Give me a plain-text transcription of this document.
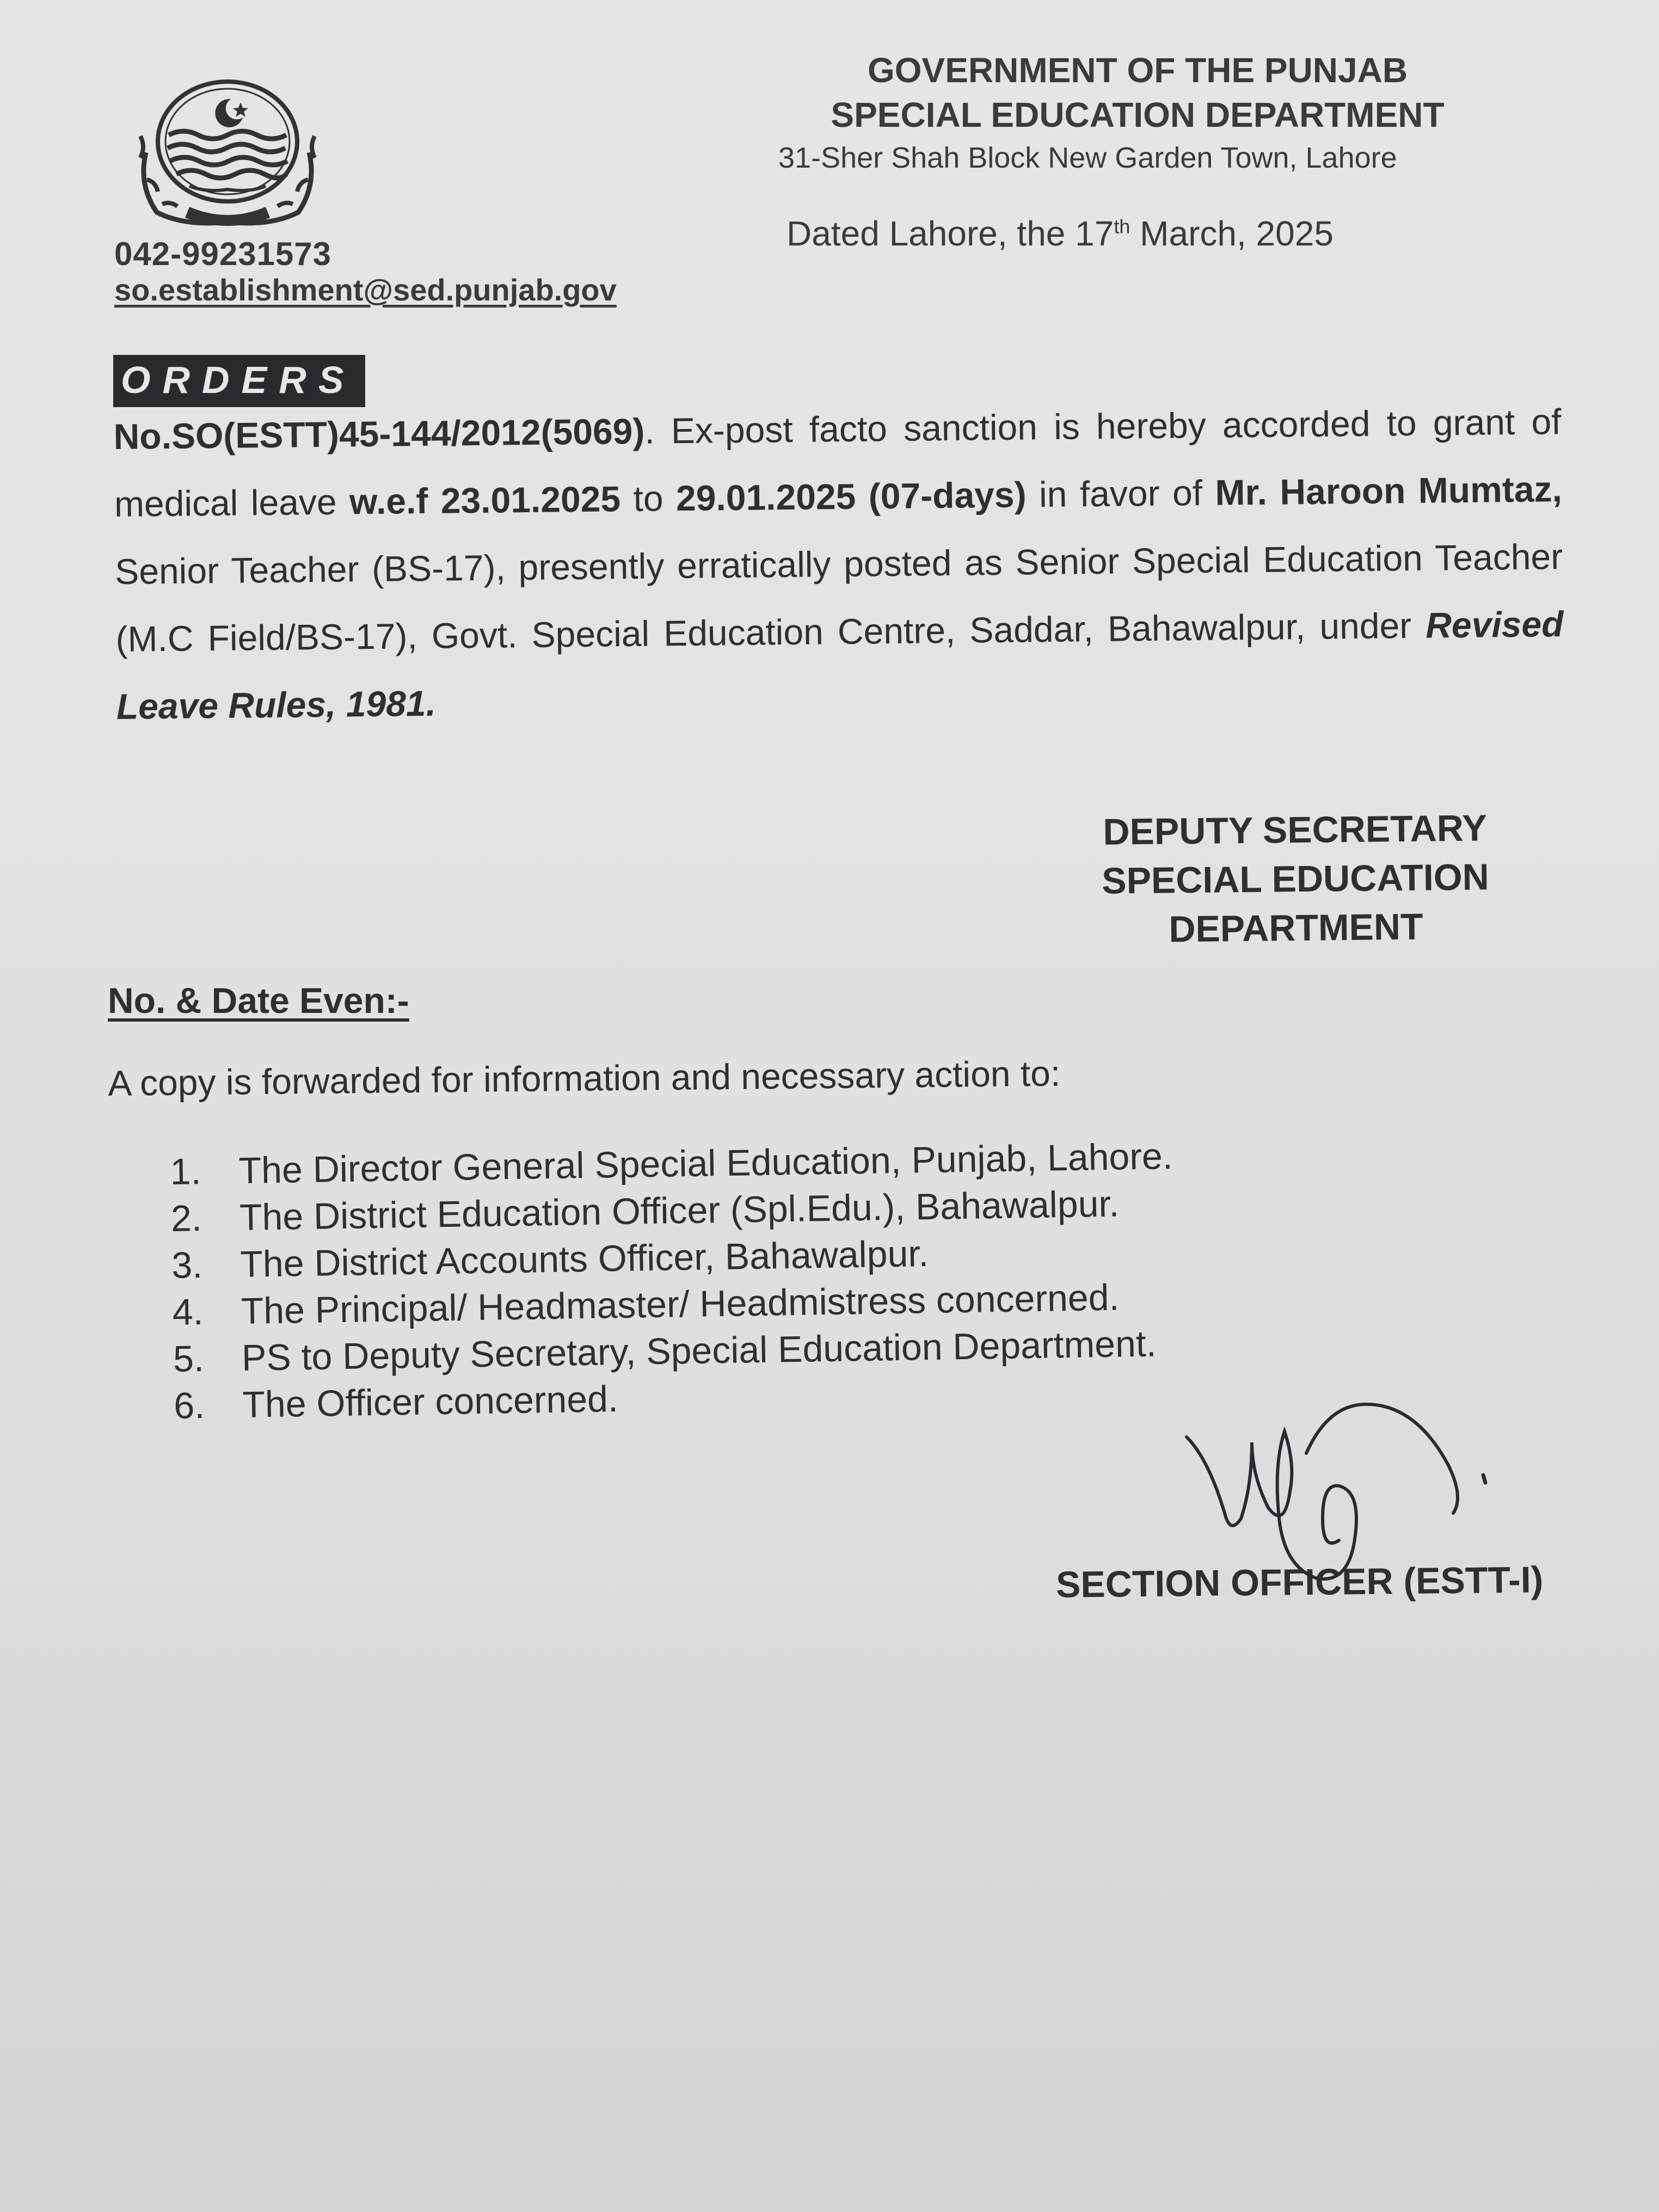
GOVERNMENT OF THE PUNJAB
SPECIAL EDUCATION DEPARTMENT
31-Sher Shah Block New Garden Town, Lahore
Dated Lahore, the 17th March, 2025
042-99231573
so.establishment@sed.punjab.gov
ORDERS
No.SO(ESTT)45-144/2012(5069). Ex-post facto sanction is hereby accorded to grant of medical leave w.e.f 23.01.2025 to 29.01.2025 (07-days) in favor of Mr. Haroon Mumtaz, Senior Teacher (BS-17), presently erratically posted as Senior Special Education Teacher (M.C Field/BS-17), Govt. Special Education Centre, Saddar, Bahawalpur, under Revised Leave Rules, 1981.
DEPUTY SECRETARY
SPECIAL EDUCATION
DEPARTMENT
No. & Date Even:-
A copy is forwarded for information and necessary action to:
1.	The Director General Special Education, Punjab, Lahore.
2.	The District Education Officer (Spl.Edu.), Bahawalpur.
3.	The District Accounts Officer, Bahawalpur.
4.	The Principal/ Headmaster/ Headmistress concerned.
5.	PS to Deputy Secretary, Special Education Department.
6.	The Officer concerned.
SECTION OFFICER (ESTT-I)
